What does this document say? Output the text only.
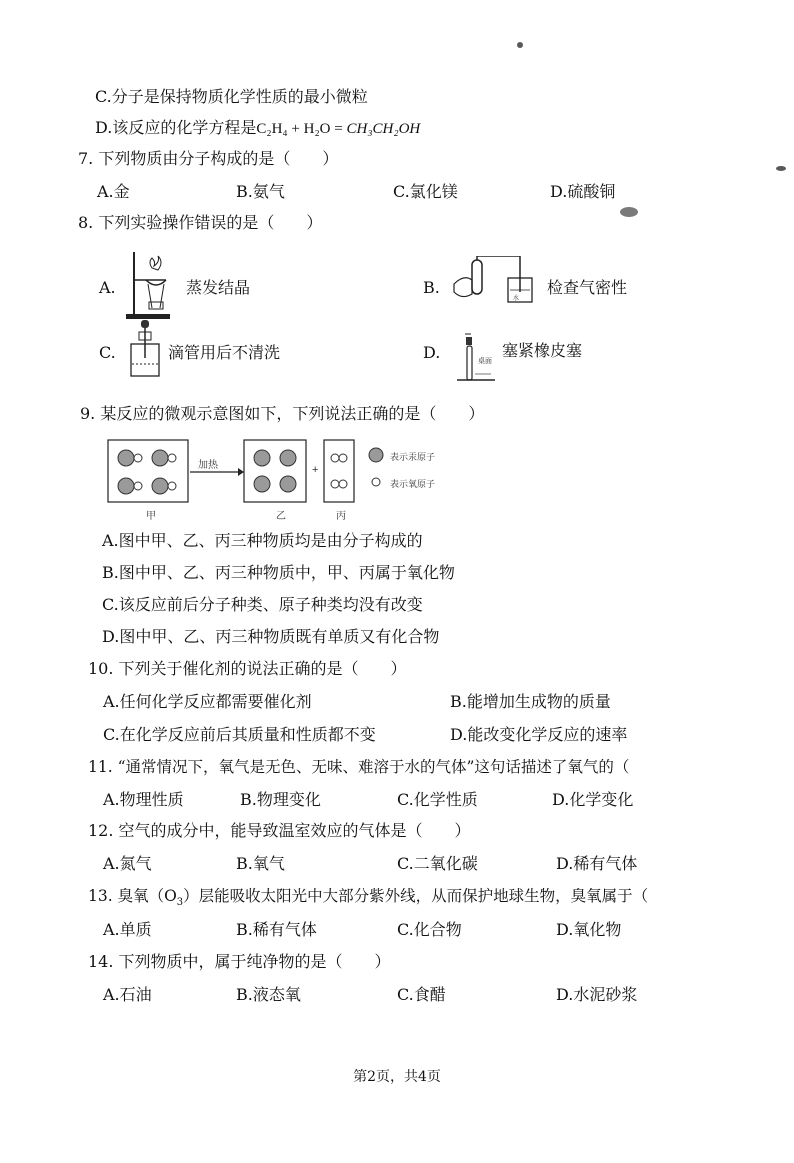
C.分子是保持物质化学性质的最小微粒
D.该反应的化学方程是C₂H₄ + H₂O = CH₃CH₂OH
7. 下列物质由分子构成的是（　　）
A.金	B.氨气	C.氯化镁	D.硫酸铜
8. 下列实验操作错误的是（　　）
A.	蒸发结晶	B.
水
检查气密性
C.	滴管用后不清洗	D.	桌面
塞紧橡皮塞
9. 某反应的微观示意图如下，下列说法正确的是（　　）
加热	+
表示汞原子
表示氧原子
甲	乙	丙
A.图中甲、乙、丙三种物质均是由分子构成的
B.图中甲、乙、丙三种物质中，甲、丙属于氧化物
C.该反应前后分子种类、原子种类均没有改变
D.图中甲、乙、丙三种物质既有单质又有化合物
10. 下列关于催化剂的说法正确的是（　　）
A.任何化学反应都需要催化剂	B.能增加生成物的质量
C.在化学反应前后其质量和性质都不变	D.能改变化学反应的速率
11. “通常情况下，氧气是无色、无味、难溶于水的气体”这句话描述了氧气的（
A.物理性质	B.物理变化	C.化学性质	D.化学变化
12. 空气的成分中，能导致温室效应的气体是（　　）
A.氮气	B.氧气	C.二氧化碳	D.稀有气体
13. 臭氧$(O_3)$层能吸收太阳光中大部分紫外线，从而保护地球生物，臭氧属于（
A.单质	B.稀有气体	C.化合物	D.氧化物
14. 下列物质中，属于纯净物的是（　　）
A.石油	B.液态氧	C.食醋	D.水泥砂浆
第2页，共4页
